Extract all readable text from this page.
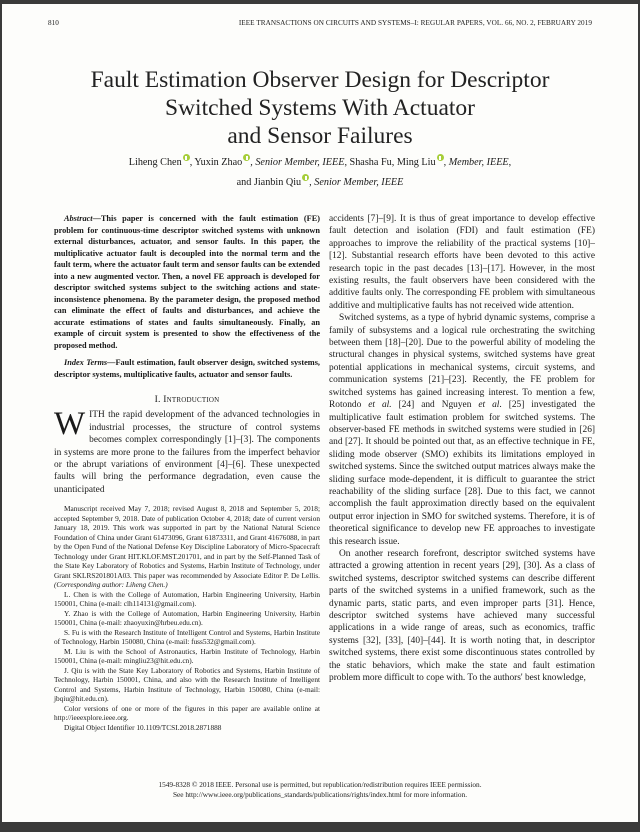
810	IEEE TRANSACTIONS ON CIRCUITS AND SYSTEMS–I: REGULAR PAPERS, VOL. 66, NO. 2, FEBRUARY 2019
Fault Estimation Observer Design for Descriptor
Switched Systems With Actuator
and Sensor Failures
Liheng Chen , Yuxin Zhao , Senior Member, IEEE, Shasha Fu, Ming Liu , Member, IEEE,
and Jianbin Qiu , Senior Member, IEEE

Abstract—This paper is concerned with the fault estimation (FE) problem for continuous-time descriptor switched systems with unknown external disturbances, actuator, and sensor faults. In this paper, the multiplicative actuator fault is decoupled into the normal term and the fault term, where the actuator fault term and sensor faults can be extended into a new augmented vector. Then, a novel FE approach is developed for descriptor switched systems subject to the switching actions and state-inconsistence phenomena. By the parameter design, the proposed method can eliminate the effect of faults and disturbances, and achieve the accurate estimations of states and faults simultaneously. Finally, an example of circuit system is presented to show the effectiveness of the proposed method.

Index Terms—Fault estimation, fault observer design, switched systems, descriptor systems, multiplicative faults, actuator and sensor faults.

I. Introduction

WITH the rapid development of the advanced technologies in industrial processes, the structure of control systems becomes complex correspondingly [1]–[3]. The components in systems are more prone to the failures from the imperfect behavior or the abrupt variations of environment [4]–[6]. These unexpected faults will bring the performance degradation, even cause the unanticipated

Manuscript received May 7, 2018; revised August 8, 2018 and September 5, 2018; accepted September 9, 2018. Date of publication October 4, 2018; date of current version January 18, 2019. This work was supported in part by the National Natural Science Foundation of China under Grant 61473096, Grant 61873311, and Grant 41676088, in part by the Open Fund of the National Defense Key Discipline Laboratory of Micro-Spacecraft Technology under Grant HIT.KLOF.MST.201701, and in part by the Self-Planned Task of the State Key Laboratory of Robotics and Systems, Harbin Institute of Technology, under Grant SKLRS201801A03. This paper was recommended by Associate Editor P. De Lellis. (Corresponding author: Liheng Chen.)

L. Chen is with the College of Automation, Harbin Engineering University, Harbin 150001, China (e-mail: clh114131@gmail.com).

Y. Zhao is with the College of Automation, Harbin Engineering University, Harbin 150001, China (e-mail: zhaoyuxin@hrbeu.edu.cn).

S. Fu is with the Research Institute of Intelligent Control and Systems, Harbin Institute of Technology, Harbin 150080, China (e-mail: fuss532@gmail.com).

M. Liu is with the School of Astronautics, Harbin Institute of Technology, Harbin 150001, China (e-mail: mingliu23@hit.edu.cn).

J. Qiu is with the State Key Laboratory of Robotics and Systems, Harbin Institute of Technology, Harbin 150001, China, and also with the Research Institute of Intelligent Control and Systems, Harbin Institute of Technology, Harbin 150080, China (e-mail: jbqiu@hit.edu.cn).

Color versions of one or more of the figures in this paper are available online at http://ieeexplore.ieee.org.

Digital Object Identifier 10.1109/TCSI.2018.2871888

accidents [7]–[9]. It is thus of great importance to develop effective fault detection and isolation (FDI) and fault estimation (FE) approaches to improve the reliability of the practical systems [10]–[12]. Substantial research efforts have been devoted to this active research topic in the past decades [13]–[17]. However, in the most existing results, the fault observers have been considered with the additive faults only. The corresponding FE problem with simultaneous additive and multiplicative faults has not received wide attention.

Switched systems, as a type of hybrid dynamic systems, comprise a family of subsystems and a logical rule orchestrating the switching between them [18]–[20]. Due to the powerful ability of modeling the structural changes in physical systems, switched systems have great potential applications in mechanical systems, circuit systems, and communication systems [21]–[23]. Recently, the FE problem for switched systems has gained increasing interest. To mention a few, Rotondo et al. [24] and Nguyen et al. [25] investigated the multiplicative fault estimation problem for switched systems. The observer-based FE methods in switched systems were studied in [26] and [27]. It should be pointed out that, as an effective technique in FE, sliding mode observer (SMO) exhibits its limitations employed in switched systems. Since the switched output matrices always make the sliding surface mode-dependent, it is difficult to guarantee the strict reachability of the sliding surface [28]. Due to this fact, we cannot accomplish the fault approximation directly based on the equivalent output error injection in SMO for switched systems. Therefore, it is of theoretical significance to develop new FE approaches to investigate this research issue.

On another research forefront, descriptor switched systems have attracted a growing attention in recent years [29], [30]. As a class of switched systems, descriptor switched systems can describe different parts of the switched systems in a unified framework, such as the dynamic parts, static parts, and even improper parts [31]. Hence, descriptor switched systems have achieved many successful applications in a wide range of areas, such as economics, traffic systems [32], [33], [40]–[44]. It is worth noting that, in descriptor switched systems, there exist some discontinuous states controlled by the static behaviors, which make the state and fault estimation problem more difficult to cope with. To the authors' best knowledge,

1549-8328 © 2018 IEEE. Personal use is permitted, but republication/redistribution requires IEEE permission.
See http://www.ieee.org/publications_standards/publications/rights/index.html for more information.
